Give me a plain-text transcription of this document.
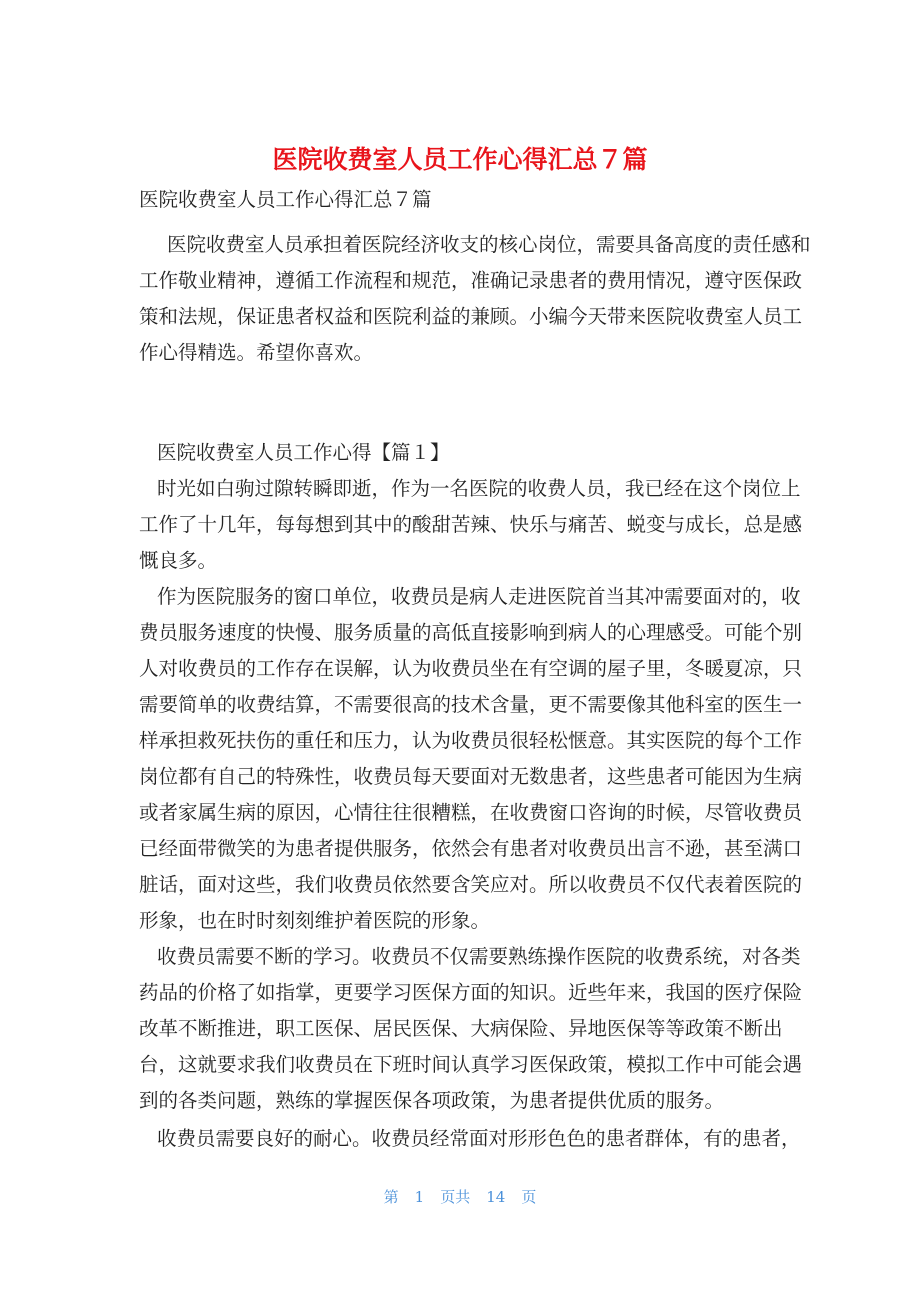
医院收费室人员工作心得汇总７篇
医院收费室人员工作心得汇总７篇
医院收费室人员承担着医院经济收支的核心岗位，需要具备高度的责任感和
工作敬业精神，遵循工作流程和规范，准确记录患者的费用情况，遵守医保政
策和法规，保证患者权益和医院利益的兼顾。小编今天带来医院收费室人员工
作心得精选。希望你喜欢。
医院收费室人员工作心得【篇１】
时光如白驹过隙转瞬即逝，作为一名医院的收费人员，我已经在这个岗位上
工作了十几年，每每想到其中的酸甜苦辣、快乐与痛苦、蜕变与成长，总是感
慨良多。
作为医院服务的窗口单位，收费员是病人走进医院首当其冲需要面对的，收
费员服务速度的快慢、服务质量的高低直接影响到病人的心理感受。可能个别
人对收费员的工作存在误解，认为收费员坐在有空调的屋子里，冬暖夏凉，只
需要简单的收费结算，不需要很高的技术含量，更不需要像其他科室的医生一
样承担救死扶伤的重任和压力，认为收费员很轻松惬意。其实医院的每个工作
岗位都有自己的特殊性，收费员每天要面对无数患者，这些患者可能因为生病
或者家属生病的原因，心情往往很糟糕，在收费窗口咨询的时候，尽管收费员
已经面带微笑的为患者提供服务，依然会有患者对收费员出言不逊，甚至满口
脏话，面对这些，我们收费员依然要含笑应对。所以收费员不仅代表着医院的
形象，也在时时刻刻维护着医院的形象。
收费员需要不断的学习。收费员不仅需要熟练操作医院的收费系统，对各类
药品的价格了如指掌，更要学习医保方面的知识。近些年来，我国的医疗保险
改革不断推进，职工医保、居民医保、大病保险、异地医保等等政策不断出
台，这就要求我们收费员在下班时间认真学习医保政策，模拟工作中可能会遇
到的各类问题，熟练的掌握医保各项政策，为患者提供优质的服务。
收费员需要良好的耐心。收费员经常面对形形色色的患者群体，有的患者，
第 1 页共 14 页
